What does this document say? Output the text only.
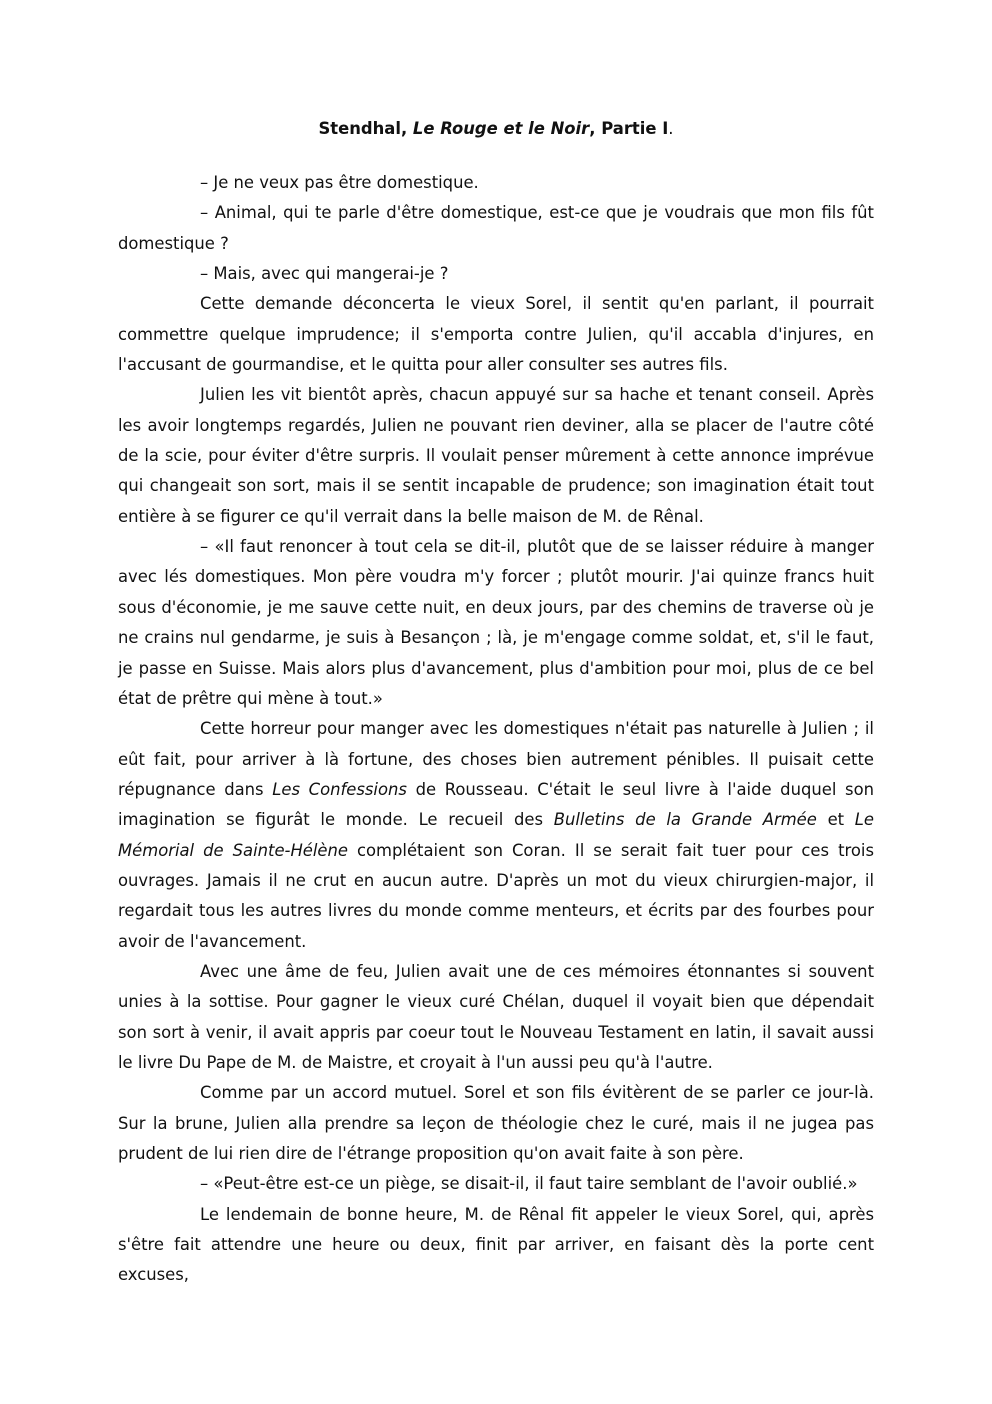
Stendhal, Le Rouge et le Noir, Partie I.

– Je ne veux pas être domestique.

– Animal, qui te parle d'être domestique, est-ce que je voudrais que mon fils fût domestique ?

– Mais, avec qui mangerai-je ?

Cette demande déconcerta le vieux Sorel, il sentit qu'en parlant, il pourrait commettre quelque imprudence; il s'emporta contre Julien, qu'il accabla d'injures, en l'accusant de gourmandise, et le quitta pour aller consulter ses autres fils.

Julien les vit bientôt après, chacun appuyé sur sa hache et tenant conseil. Après les avoir longtemps regardés, Julien ne pouvant rien deviner, alla se placer de l'autre côté de la scie, pour éviter d'être surpris. Il voulait penser mûrement à cette annonce imprévue qui changeait son sort, mais il se sentit incapable de prudence; son imagination était tout entière à se figurer ce qu'il verrait dans la belle maison de M. de Rênal.

– «Il faut renoncer à tout cela se dit-il, plutôt que de se laisser réduire à manger avec lés domestiques. Mon père voudra m'y forcer ; plutôt mourir. J'ai quinze francs huit sous d'économie, je me sauve cette nuit, en deux jours, par des chemins de traverse où je ne crains nul gendarme, je suis à Besançon ; là, je m'engage comme soldat, et, s'il le faut, je passe en Suisse. Mais alors plus d'avancement, plus d'ambition pour moi, plus de ce bel état de prêtre qui mène à tout.»

Cette horreur pour manger avec les domestiques n'était pas naturelle à Julien ; il eût fait, pour arriver à là fortune, des choses bien autrement pénibles. Il puisait cette répugnance dans Les Confessions de Rousseau. C'était le seul livre à l'aide duquel son imagination se figurât le monde. Le recueil des Bulletins de la Grande Armée et Le Mémorial de Sainte-Hélène complétaient son Coran. Il se serait fait tuer pour ces trois ouvrages. Jamais il ne crut en aucun autre. D'après un mot du vieux chirurgien-major, il regardait tous les autres livres du monde comme menteurs, et écrits par des fourbes pour avoir de l'avancement.

Avec une âme de feu, Julien avait une de ces mémoires étonnantes si souvent unies à la sottise. Pour gagner le vieux curé Chélan, duquel il voyait bien que dépendait son sort à venir, il avait appris par coeur tout le Nouveau Testament en latin, il savait aussi le livre Du Pape de M. de Maistre, et croyait à l'un aussi peu qu'à l'autre.

Comme par un accord mutuel. Sorel et son fils évitèrent de se parler ce jour-là. Sur la brune, Julien alla prendre sa leçon de théologie chez le curé, mais il ne jugea pas prudent de lui rien dire de l'étrange proposition qu'on avait faite à son père.

– «Peut-être est-ce un piège, se disait-il, il faut taire semblant de l'avoir oublié.»

Le lendemain de bonne heure, M. de Rênal fit appeler le vieux Sorel, qui, après s'être fait attendre une heure ou deux, finit par arriver, en faisant dès la porte cent excuses,
